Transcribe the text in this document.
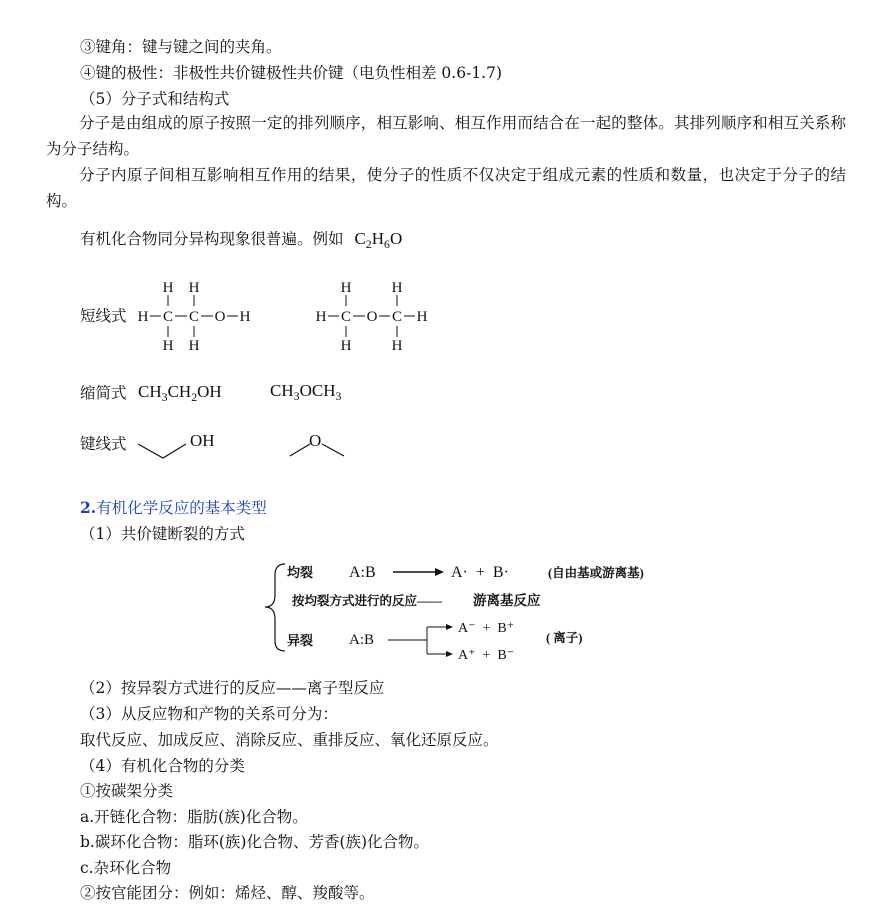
③键角：键与键之间的夹角。
④键的极性：非极性共价键极性共价键（电负性相差 0.6-1.7)
（5）分子式和结构式
分子是由组成的原子按照一定的排列顺序，相互影响、相互作用而结合在一起的整体。其排列顺序和相互关系称为分子结构。
分子内原子间相互影响相互作用的结果，使分子的性质不仅决定于组成元素的性质和数量，也决定于分子的结构。
有机化合物同分异构现象很普遍。例如 $C_2H_6O$
短线式
H H
H C C O H
H H
H	H
H C O C H
H	H
缩简式 $CH_3CH_2OH$	$CH_3OCH_3$
键线式	OH	O
2.有机化学反应的基本类型
（1）共价键断裂的方式
均裂 A:B	A·  +  B·	(自由基或游离基)
按均裂方式进行的反应—— 游离基反应
异裂 A:B
A⁻  +  B⁺
A⁺  +  B⁻
( 离子)
（2）按异裂方式进行的反应——离子型反应
（3）从反应物和产物的关系可分为：
取代反应、加成反应、消除反应、重排反应、氧化还原反应。
（4）有机化合物的分类
①按碳架分类
a.开链化合物：脂肪(族)化合物。
b.碳环化合物：脂环(族)化合物、芳香(族)化合物。
c.杂环化合物
②按官能团分：例如：烯烃、醇、羧酸等。
